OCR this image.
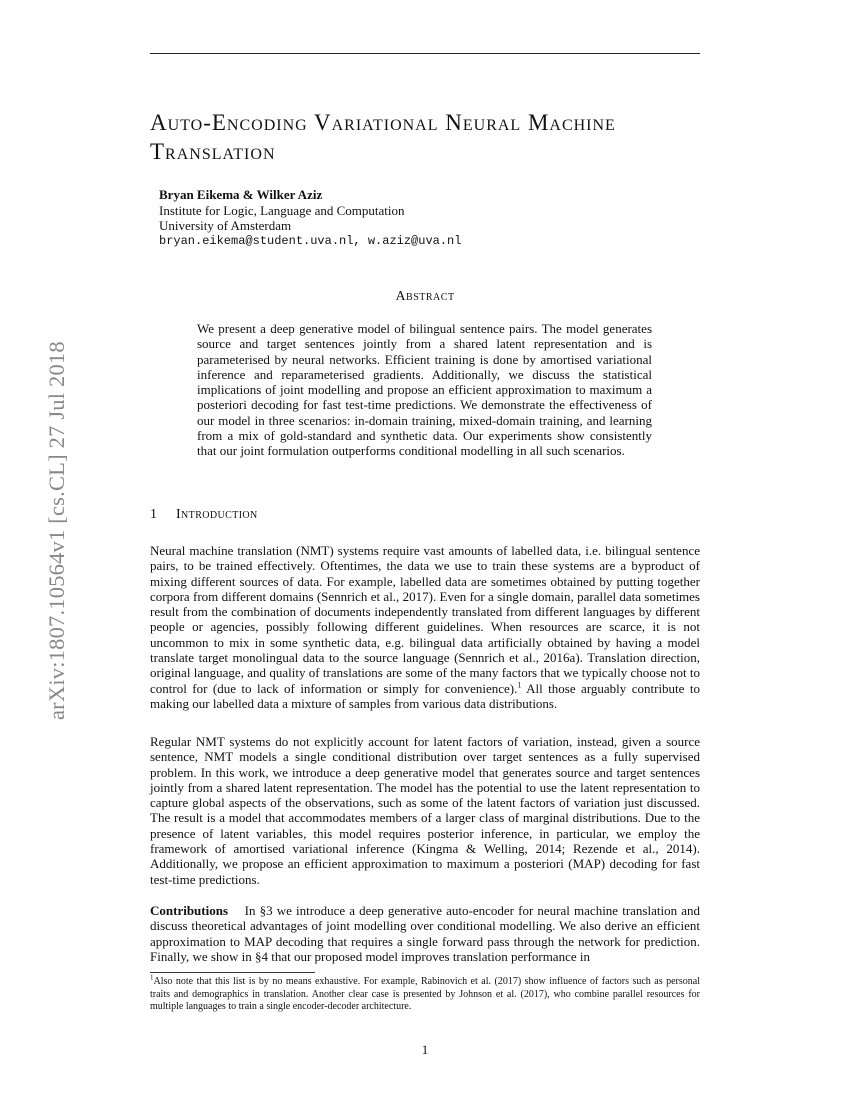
Auto-Encoding Variational Neural Machine Translation
Bryan Eikema & Wilker Aziz
Institute for Logic, Language and Computation
University of Amsterdam
bryan.eikema@student.uva.nl, w.aziz@uva.nl
arXiv:1807.10564v1 [cs.CL] 27 Jul 2018
Abstract

We present a deep generative model of bilingual sentence pairs. The model generates source and target sentences jointly from a shared latent representation and is parameterised by neural networks. Efficient training is done by amortised variational inference and reparameterised gradients. Additionally, we discuss the statistical implications of joint modelling and propose an efficient approximation to maximum a posteriori decoding for fast test-time predictions. We demonstrate the effectiveness of our model in three scenarios: in-domain training, mixed-domain training, and learning from a mix of gold-standard and synthetic data. Our experiments show consistently that our joint formulation outperforms conditional modelling in all such scenarios.

1 Introduction

Neural machine translation (NMT) systems require vast amounts of labelled data, i.e. bilingual sentence pairs, to be trained effectively. Oftentimes, the data we use to train these systems are a byproduct of mixing different sources of data. For example, labelled data are sometimes obtained by putting together corpora from different domains (Sennrich et al., 2017). Even for a single domain, parallel data sometimes result from the combination of documents independently translated from different languages by different people or agencies, possibly following different guidelines. When resources are scarce, it is not uncommon to mix in some synthetic data, e.g. bilingual data artificially obtained by having a model translate target monolingual data to the source language (Sennrich et al., 2016a). Translation direction, original language, and quality of translations are some of the many factors that we typically choose not to control for (due to lack of information or simply for convenience).$^1$ All those arguably contribute to making our labelled data a mixture of samples from various data distributions.

Regular NMT systems do not explicitly account for latent factors of variation, instead, given a source sentence, NMT models a single conditional distribution over target sentences as a fully supervised problem. In this work, we introduce a deep generative model that generates source and target sentences jointly from a shared latent representation. The model has the potential to use the latent representation to capture global aspects of the observations, such as some of the latent factors of variation just discussed. The result is a model that accommodates members of a larger class of marginal distributions. Due to the presence of latent variables, this model requires posterior inference, in particular, we employ the framework of amortised variational inference (Kingma & Welling, 2014; Rezende et al., 2014). Additionally, we propose an efficient approximation to maximum a posteriori (MAP) decoding for fast test-time predictions.

Contributions In §3 we introduce a deep generative auto-encoder for neural machine translation and discuss theoretical advantages of joint modelling over conditional modelling. We also derive an efficient approximation to MAP decoding that requires a single forward pass through the network for prediction. Finally, we show in §4 that our proposed model improves translation performance in

$^1$Also note that this list is by no means exhaustive. For example, Rabinovich et al. (2017) show influence of factors such as personal traits and demographics in translation. Another clear case is presented by Johnson et al. (2017), who combine parallel resources for multiple languages to train a single encoder-decoder architecture.

1
